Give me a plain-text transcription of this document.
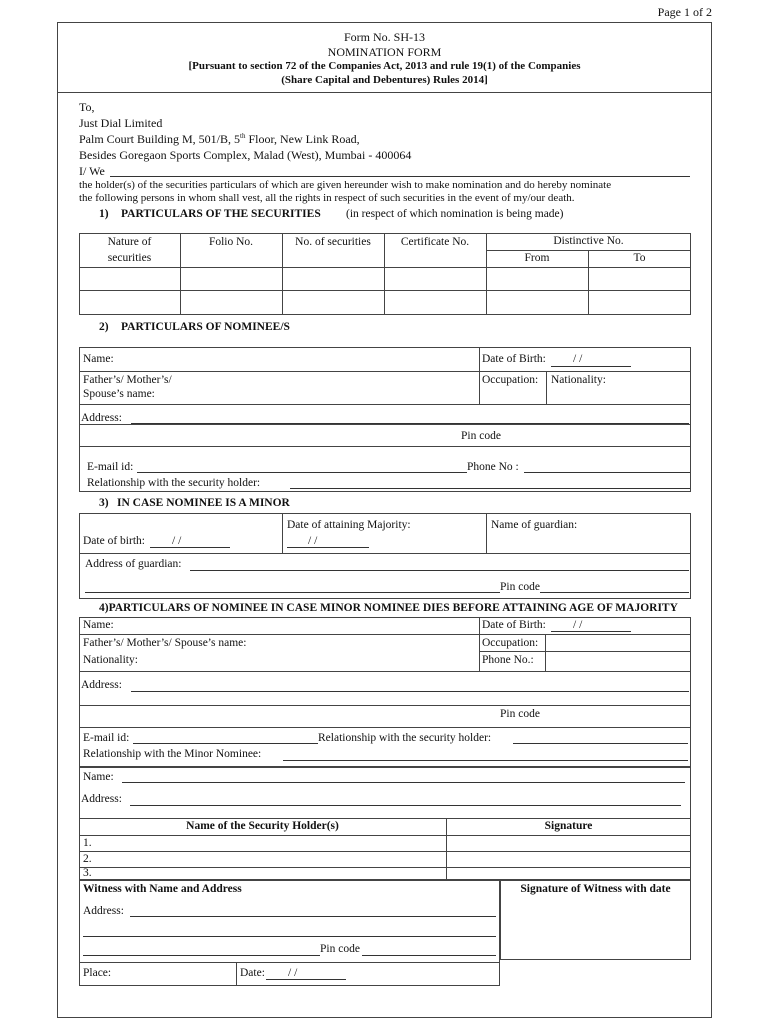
Page 1 of 2
Form No. SH-13
NOMINATION FORM
[Pursuant to section 72 of the Companies Act, 2013 and rule 19(1) of the Companies
(Share Capital and Debentures) Rules 2014]
To,
Just Dial Limited
Palm Court Building M, 501/B, 5th Floor, New Link Road,
Besides Goregaon Sports Complex, Malad (West), Mumbai - 400064
I/ We
the holder(s) of the securities particulars of which are given hereunder wish to make nomination and do hereby nominate
the following persons in whom shall vest, all the rights in respect of such securities in the event of my/our death.
1) PARTICULARS OF THE SECURITIES (in respect of which nomination is being made)
Nature of
securities
Folio No.	No. of securities	Certificate No.	Distinctive No.
From	To
2) PARTICULARS OF NOMINEE/S
Name:	Date of Birth: / /
Father’s/ Mother’s/
Spouse’s name:
Occupation: Nationality:
Address:
Pin code
E-mail id:	Phone No :
Relationship with the security holder:
3) IN CASE NOMINEE IS A MINOR
Date of birth: / /
Date of attaining Majority:
/ /
Name of guardian:
Address of guardian:
Pin code
4)PARTICULARS OF NOMINEE IN CASE MINOR NOMINEE DIES BEFORE ATTAINING AGE OF MAJORITY
Name:	Date of Birth: / /
Father’s/ Mother’s/ Spouse’s name:	Occupation:
Nationality:	Phone No.:
Address:
Pin code
E-mail id:	Relationship with the security holder:
Relationship with the Minor Nominee:
Name:
Address:
Name of the Security Holder(s)	Signature
1.
2.
3.
Witness with Name and Address	Signature of Witness with date
Address:
Pin code
Place:	Date: / /
